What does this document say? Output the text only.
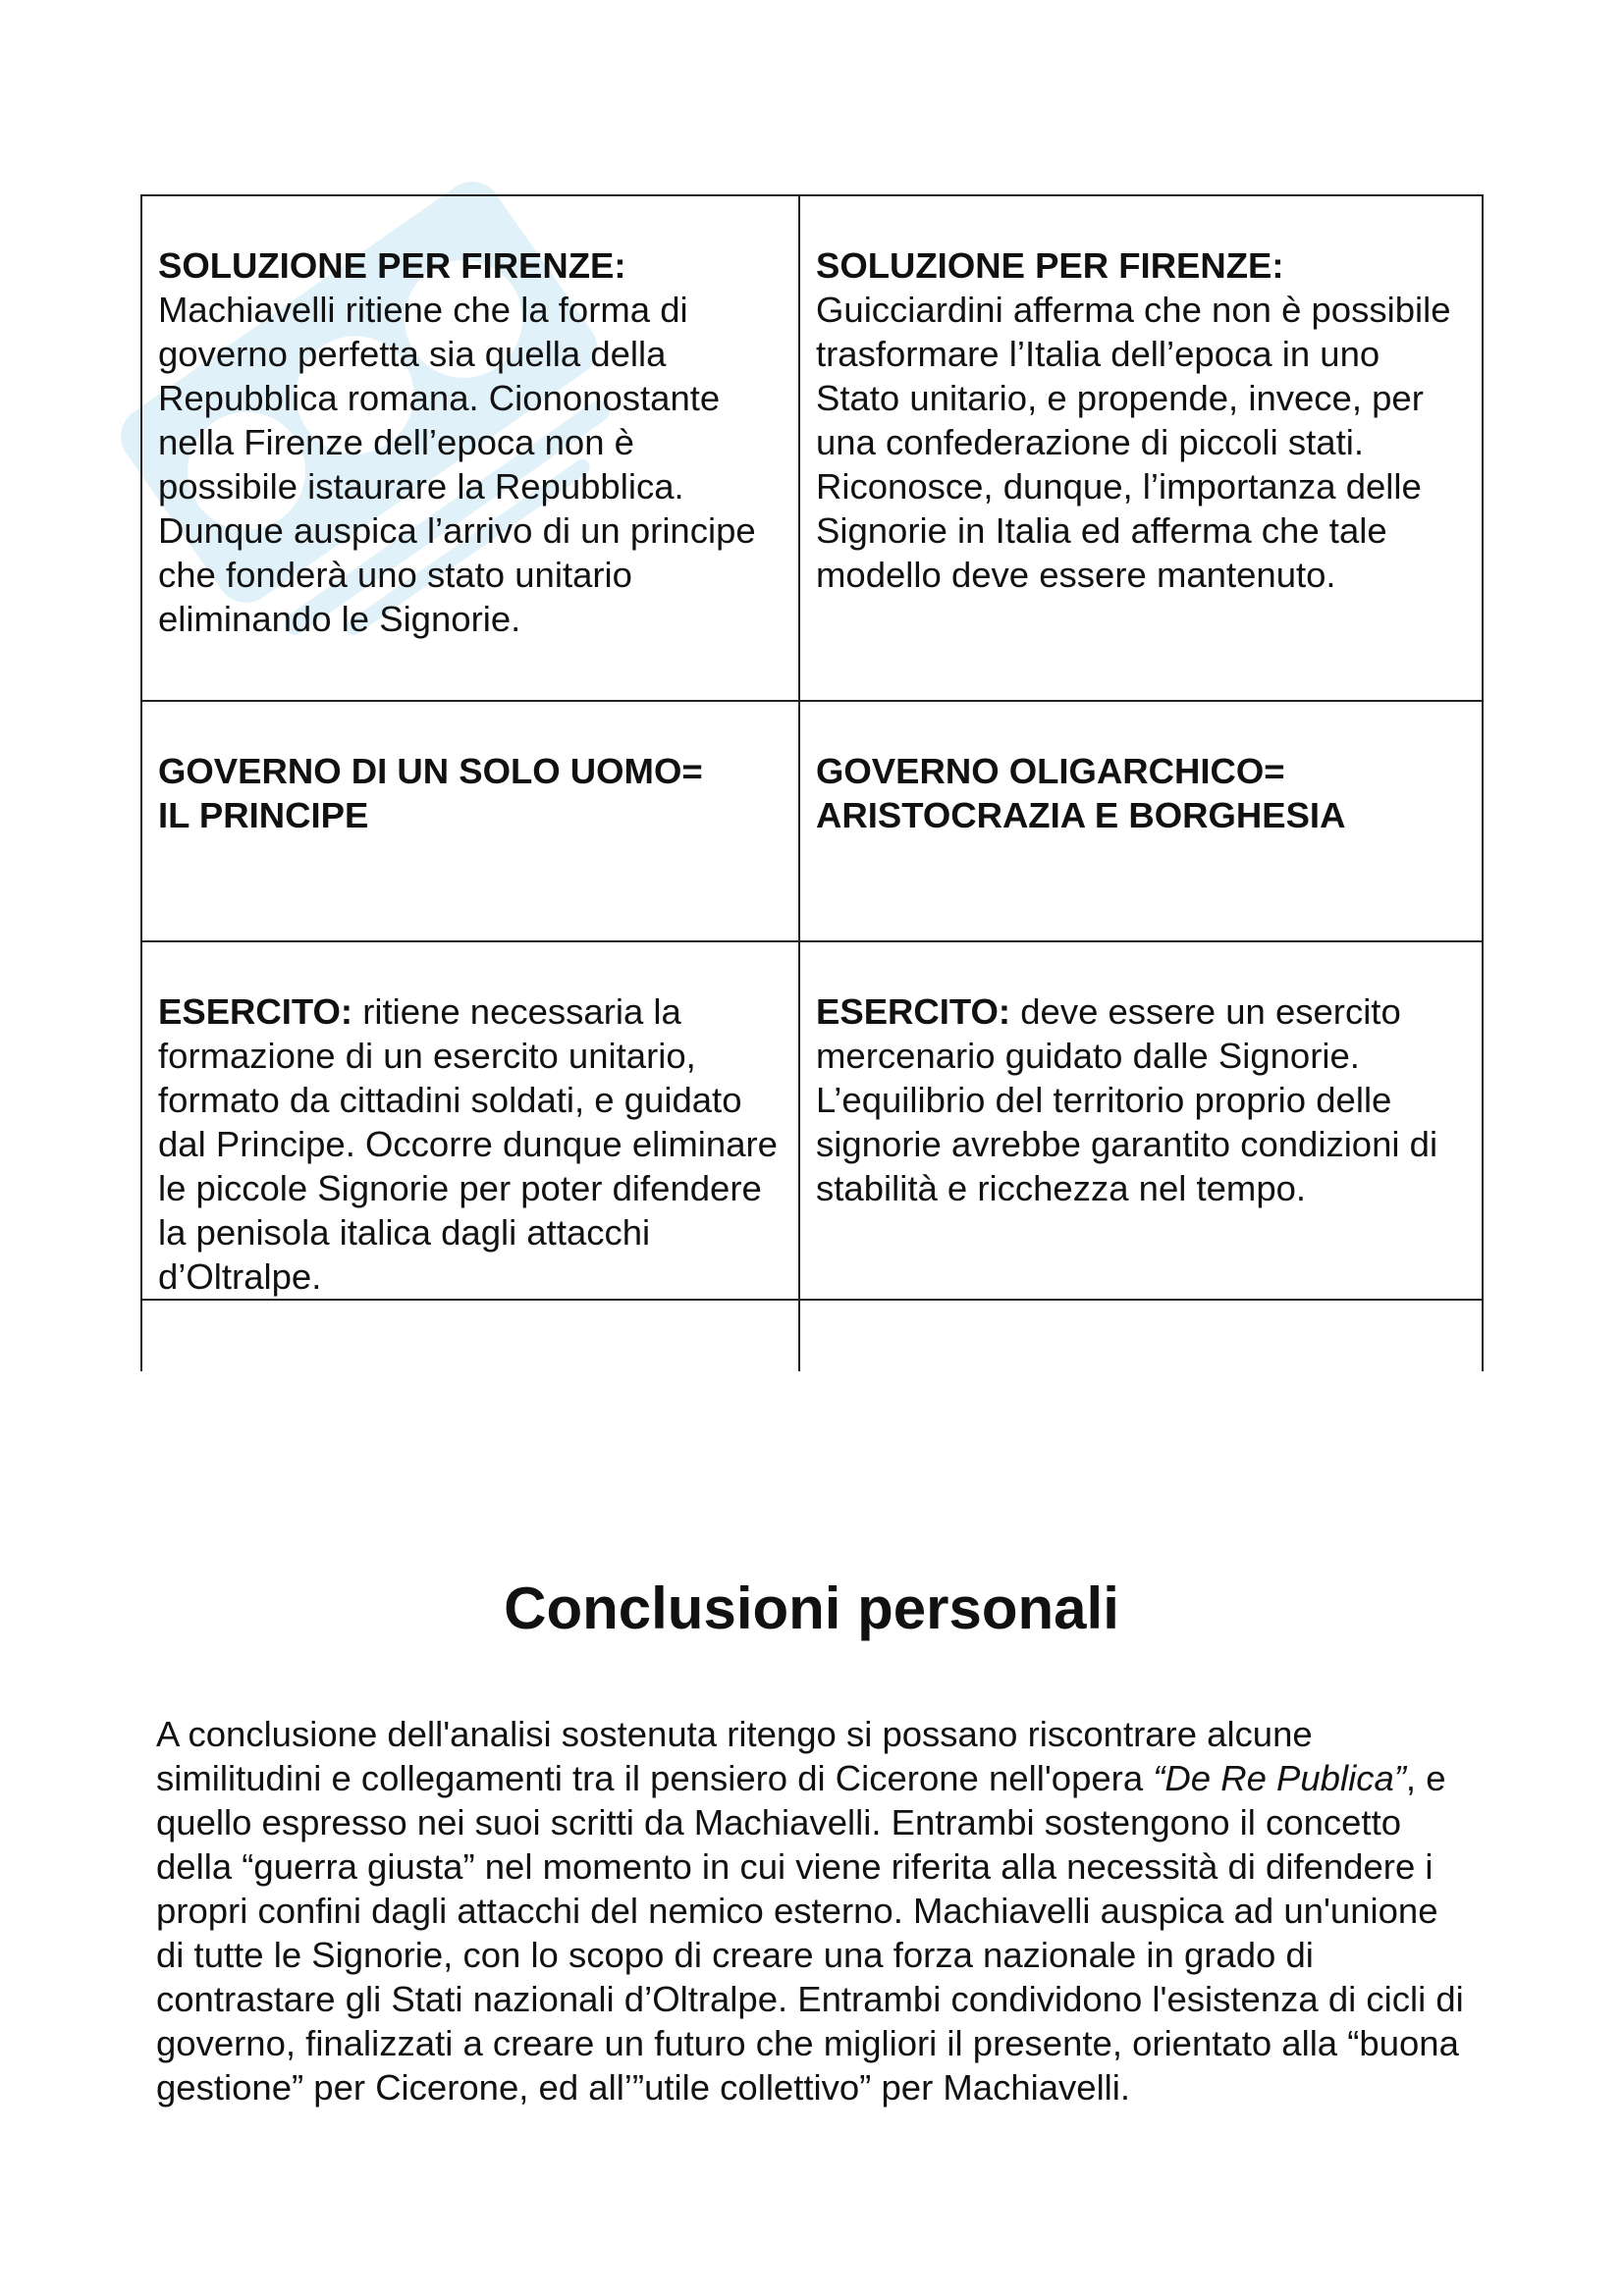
SOLUZIONE PER FIRENZE:
Machiavelli ritiene che la forma di governo perfetta sia quella della Repubblica romana. Ciononostante nella Firenze dell’epoca non è possibile istaurare la Repubblica. Dunque auspica l’arrivo di un principe che fonderà uno stato unitario eliminando le Signorie.
SOLUZIONE PER FIRENZE:
Guicciardini afferma che non è possibile trasformare l’Italia dell’epoca in uno Stato unitario, e propende, invece, per una confederazione di piccoli stati. Riconosce, dunque, l’importanza delle Signorie in Italia ed afferma che tale modello deve essere mantenuto.
GOVERNO DI UN SOLO UOMO=
IL PRINCIPE
GOVERNO OLIGARCHICO=
ARISTOCRAZIA E BORGHESIA
ESERCITO: ritiene necessaria la formazione di un esercito unitario, formato da cittadini soldati, e guidato dal Principe. Occorre dunque eliminare le piccole Signorie per poter difendere la penisola italica dagli attacchi d’Oltralpe.
ESERCITO: deve essere un esercito mercenario guidato dalle Signorie. L’equilibrio del territorio proprio delle signorie avrebbe garantito condizioni di stabilità e ricchezza nel tempo.
Conclusioni personali
A conclusione dell'analisi sostenuta ritengo si possano riscontrare alcune similitudini e collegamenti tra il pensiero di Cicerone nell'opera “De Re Publica”, e quello espresso nei suoi scritti da Machiavelli. Entrambi sostengono il concetto della “guerra giusta” nel momento in cui viene riferita alla necessità di difendere i propri confini dagli attacchi del nemico esterno. Machiavelli auspica ad un'unione di tutte le Signorie, con lo scopo di creare una forza nazionale in grado di contrastare gli Stati nazionali d’Oltralpe. Entrambi condividono l'esistenza di cicli di governo, finalizzati a creare un futuro che migliori il presente, orientato alla “buona gestione” per Cicerone, ed all’”utile collettivo” per Machiavelli.
